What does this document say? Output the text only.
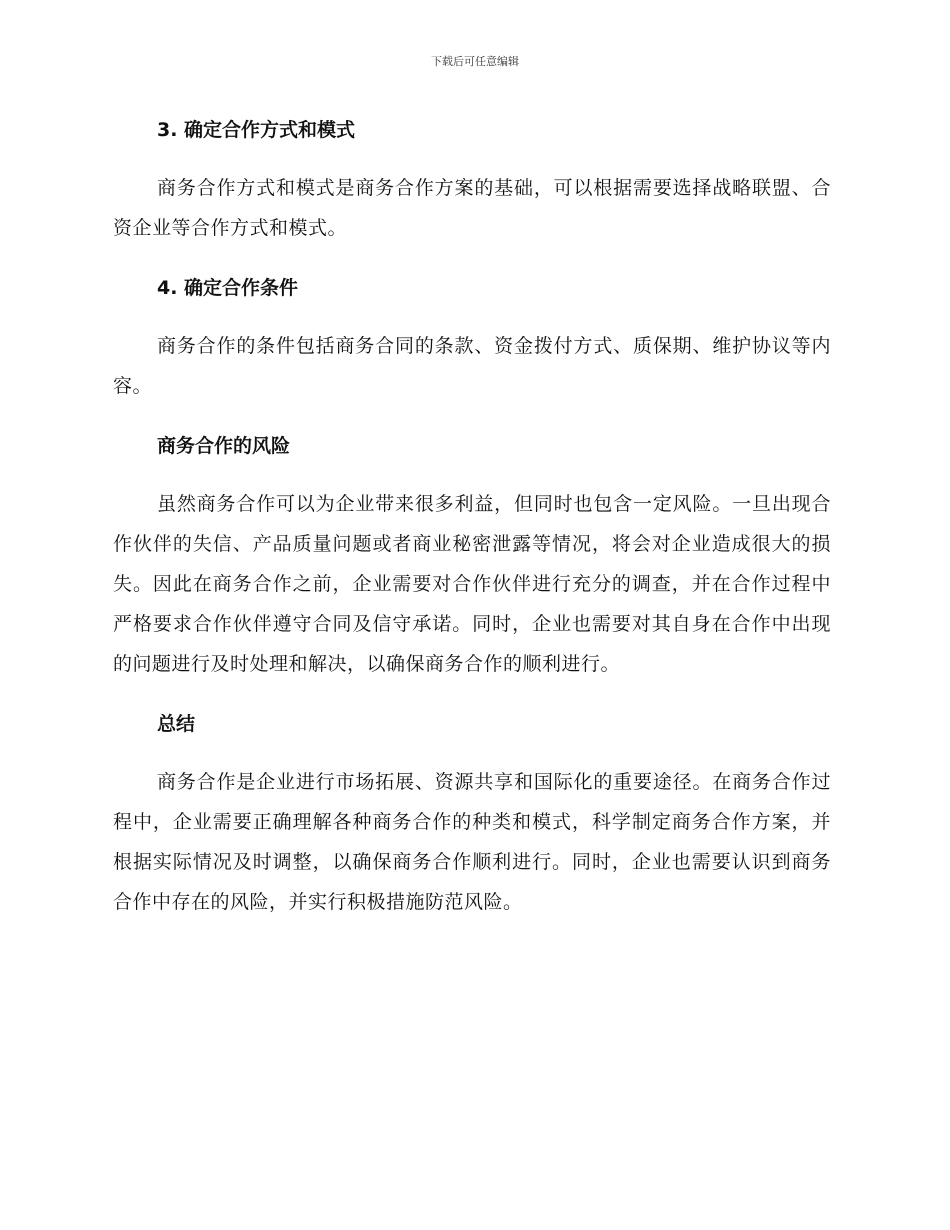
下载后可任意编辑
3. 确定合作方式和模式

商务合作方式和模式是商务合作方案的基础，可以根据需要选择战略联盟、合资企业等合作方式和模式。

4. 确定合作条件

商务合作的条件包括商务合同的条款、资金拨付方式、质保期、维护协议等内容。

商务合作的风险

虽然商务合作可以为企业带来很多利益，但同时也包含一定风险。一旦出现合作伙伴的失信、产品质量问题或者商业秘密泄露等情况，将会对企业造成很大的损失。因此在商务合作之前，企业需要对合作伙伴进行充分的调查，并在合作过程中严格要求合作伙伴遵守合同及信守承诺。同时，企业也需要对其自身在合作中出现的问题进行及时处理和解决，以确保商务合作的顺利进行。

总结

商务合作是企业进行市场拓展、资源共享和国际化的重要途径。在商务合作过程中，企业需要正确理解各种商务合作的种类和模式，科学制定商务合作方案，并根据实际情况及时调整，以确保商务合作顺利进行。同时，企业也需要认识到商务合作中存在的风险，并实行积极措施防范风险。
